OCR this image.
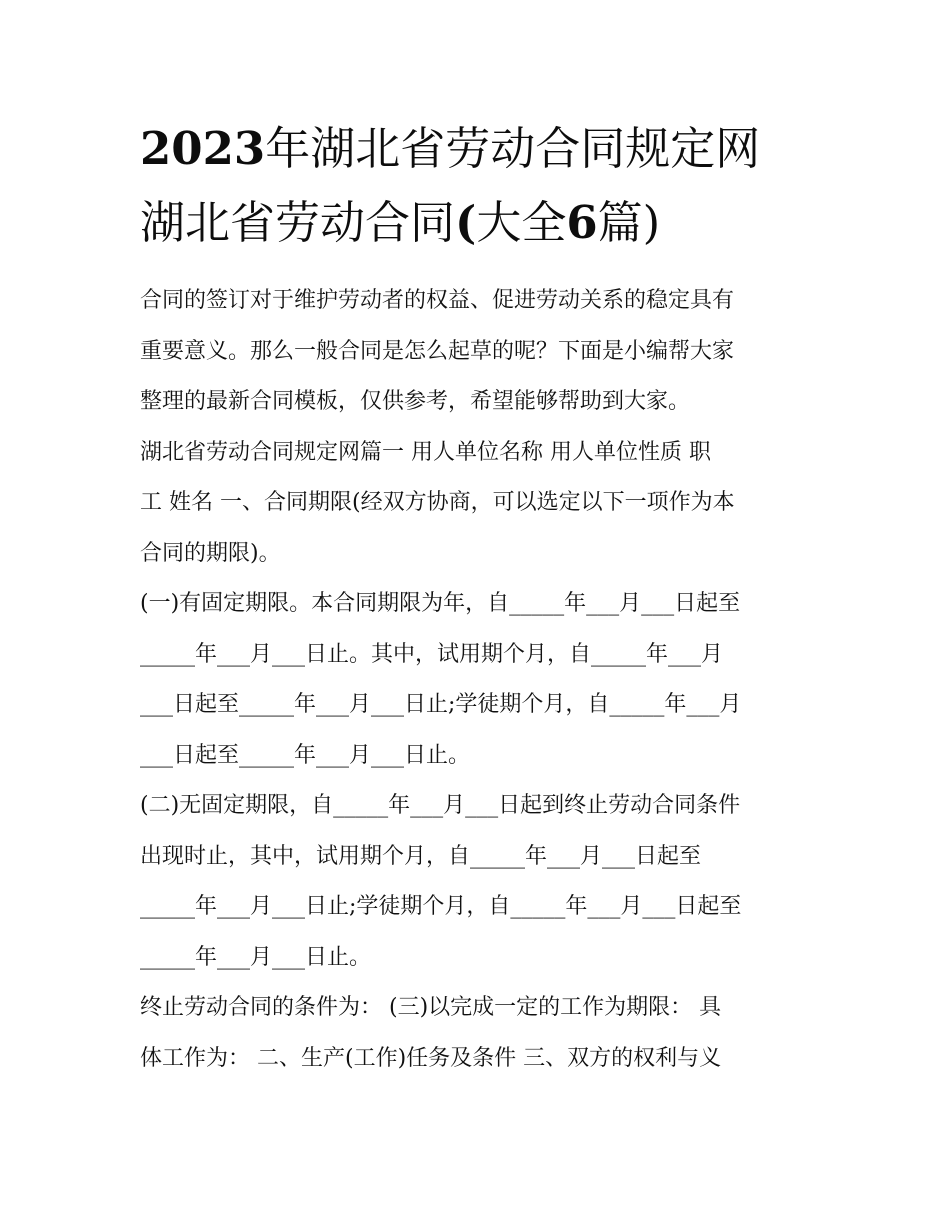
2023年湖北省劳动合同规定网
湖北省劳动合同(大全6篇)
合同的签订对于维护劳动者的权益、促进劳动关系的稳定具有
重要意义。那么一般合同是怎么起草的呢？下面是小编帮大家
整理的最新合同模板，仅供参考，希望能够帮助到大家。
湖北省劳动合同规定网篇一 用人单位名称 用人单位性质 职
工 姓名 一、合同期限(经双方协商，可以选定以下一项作为本
合同的期限)。
(一)有固定期限。本合同期限为年，自_____年___月___日起至
_____年___月___日止。其中，试用期个月，自_____年___月
___日起至_____年___月___日止;学徒期个月，自_____年___月
___日起至_____年___月___日止。
(二)无固定期限，自_____年___月___日起到终止劳动合同条件
出现时止，其中，试用期个月，自_____年___月___日起至
_____年___月___日止;学徒期个月，自_____年___月___日起至
_____年___月___日止。
终止劳动合同的条件为： (三)以完成一定的工作为期限： 具
体工作为： 二、生产(工作)任务及条件 三、双方的权利与义
